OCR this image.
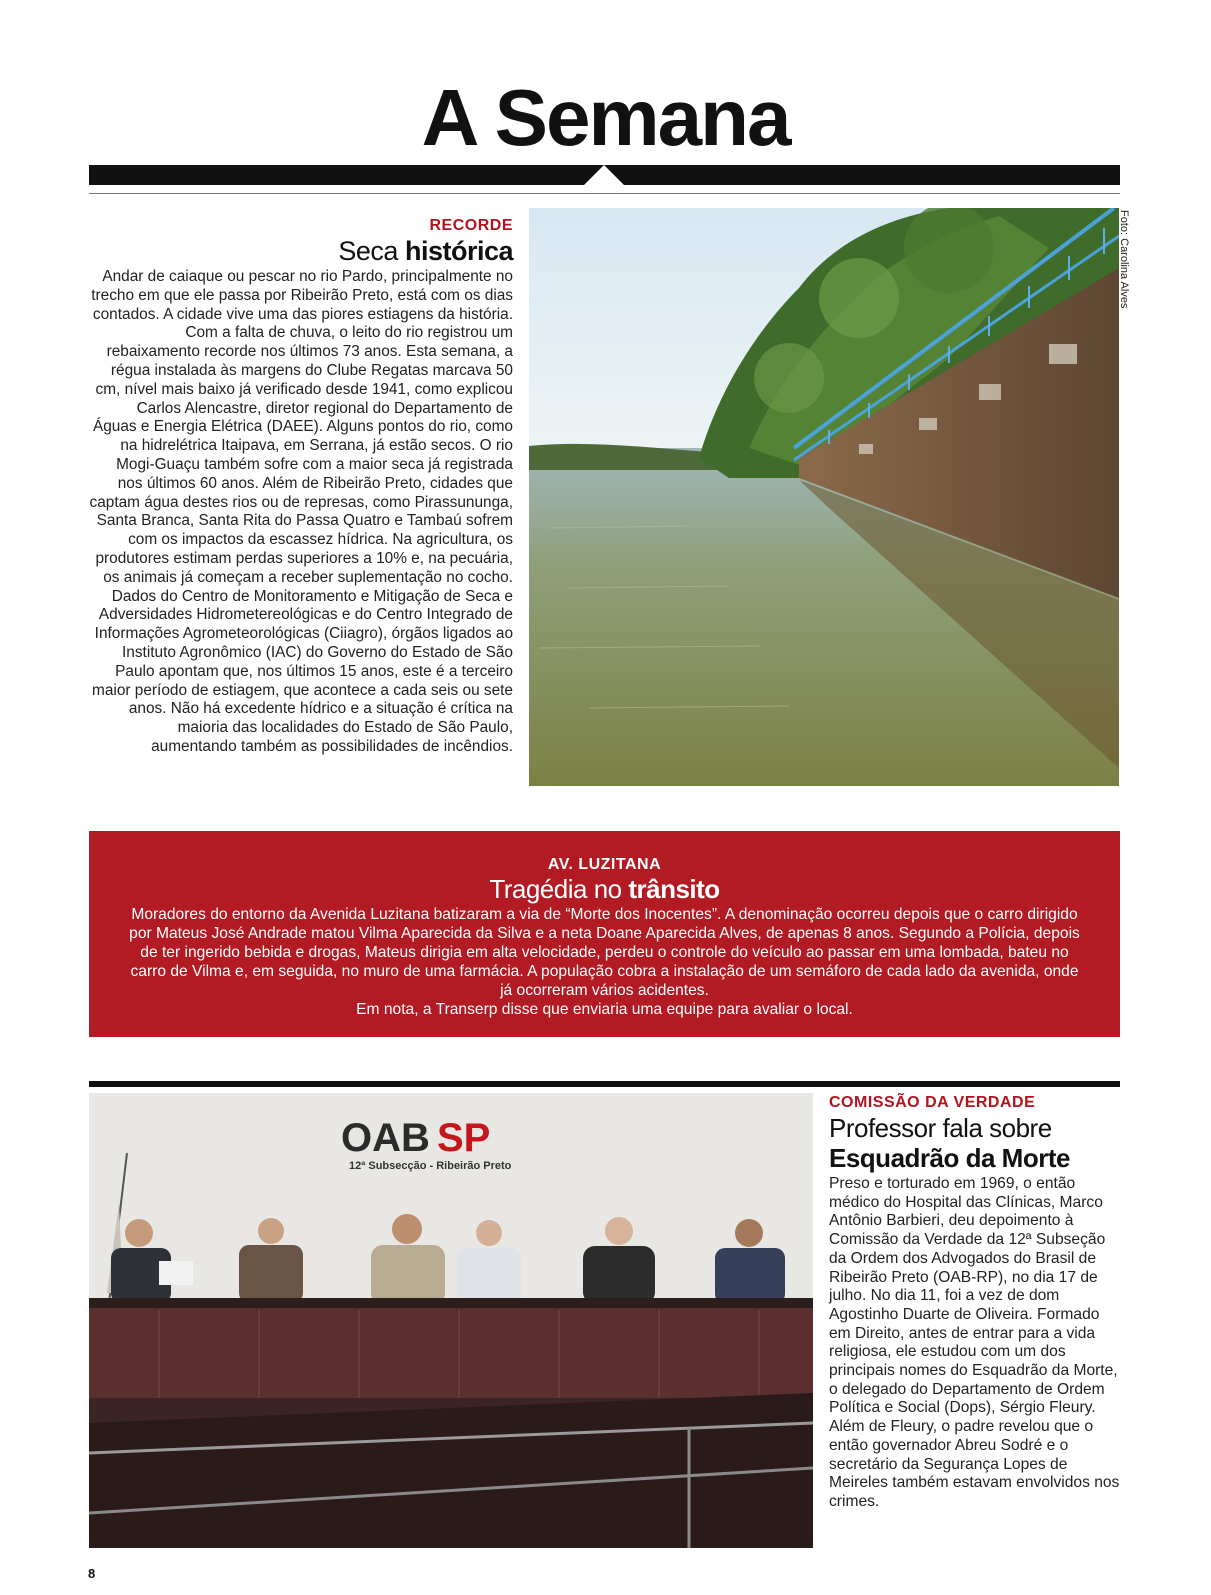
A Semana
RECORDE
Seca histórica
Andar de caiaque ou pescar no rio Pardo, principalmente no trecho em que ele passa por Ribeirão Preto, está com os dias contados. A cidade vive uma das piores estiagens da história. Com a falta de chuva, o leito do rio registrou um rebaixamento recorde nos últimos 73 anos. Esta semana, a régua instalada às margens do Clube Regatas marcava 50 cm, nível mais baixo já verificado desde 1941, como explicou Carlos Alencastre, diretor regional do Departamento de Águas e Energia Elétrica (DAEE). Alguns pontos do rio, como na hidrelétrica Itaipava, em Serrana, já estão secos. O rio Mogi-Guaçu também sofre com a maior seca já registrada nos últimos 60 anos. Além de Ribeirão Preto, cidades que captam água destes rios ou de represas, como Pirassununga, Santa Branca, Santa Rita do Passa Quatro e Tambaú sofrem com os impactos da escassez hídrica. Na agricultura, os produtores estimam perdas superiores a 10% e, na pecuária, os animais já começam a receber suplementação no cocho. Dados do Centro de Monitoramento e Mitigação de Seca e Adversidades Hidrometereológicas e do Centro Integrado de Informações Agrometeorológicas (Ciiagro), órgãos ligados ao Instituto Agronômico (IAC) do Governo do Estado de São Paulo apontam que, nos últimos 15 anos, este é a terceiro maior período de estiagem, que acontece a cada seis ou sete anos. Não há excedente hídrico e a situação é crítica na maioria das localidades do Estado de São Paulo, aumentando também as possibilidades de incêndios.
Foto: Carolina Alves
AV. LUZITANA
Tragédia no trânsito
Moradores do entorno da Avenida Luzitana batizaram a via de “Morte dos Inocentes”. A denominação ocorreu depois que o carro dirigido por Mateus José Andrade matou Vilma Aparecida da Silva e a neta Doane Aparecida Alves, de apenas 8 anos. Segundo a Polícia, depois de ter ingerido bebida e drogas, Mateus dirigia em alta velocidade, perdeu o controle do veículo ao passar em uma lombada, bateu no carro de Vilma e, em seguida, no muro de uma farmácia. A população cobra a instalação de um semáforo de cada lado da avenida, onde já ocorreram vários acidentes.
Em nota, a Transerp disse que enviaria uma equipe para avaliar o local.
OAB SP
12ª Subsecção - Ribeirão Preto
COMISSÃO DA VERDADE
Professor fala sobre
Esquadrão da Morte
Preso e torturado em 1969, o então médico do Hospital das Clínicas, Marco Antônio Barbieri, deu depoimento à Comissão da Verdade da 12ª Subseção da Ordem dos Advogados do Brasil de Ribeirão Preto (OAB-RP), no dia 17 de julho. No dia 11, foi a vez de dom Agostinho Duarte de Oliveira. Formado em Direito, antes de entrar para a vida religiosa, ele estudou com um dos principais nomes do Esquadrão da Morte, o delegado do Departamento de Ordem Política e Social (Dops), Sérgio Fleury. Além de Fleury, o padre revelou que o então governador Abreu Sodré e o secretário da Segurança Lopes de Meireles também estavam envolvidos nos crimes.
8
